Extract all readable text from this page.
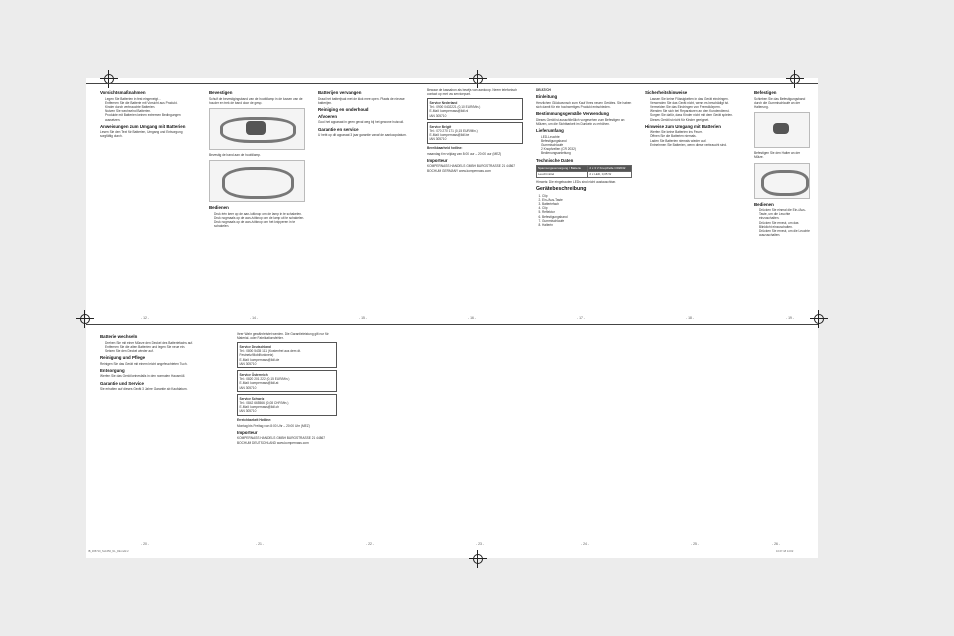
Vorsichtsmaßnahmen
• Legen Sie Batterien in fest eingeneigt...
• Entfernen Sie die Batterie mit Vorsicht aus Produkt.
• Kinder durch verbrauchte Batterien.
• Nutzen Sie wechselnd Batterien.
• Produkte mit Batterien keinen extremen Bedingungen aussetzen.
Anweisungen zum Umgang mit Batterien

Lesen Sie den Text für Batterien, Umgang und Entsorgung sorgfältig durch.

Bevestigen

Schuif de bevestigingsband van de hoofdlamp in de lussen van de houder en trek de band door de gesp.

Bevestig de band aan de hoofdlamp.

Bedienen
• Druk één keer op de aan-/uitknop om de lamp in te schakelen.
• Druk nogmaals op de aan-/uitknop om de lamp uit te schakelen.
• Druk nogmaals op de aan-/uitknop om het knipperen in te schakelen.
Batterijen vervangen

Draai het batterijvak met de klok mee open. Plaats de nieuwe batterijen.

Reiniging en onderhoud
Afvoeren

Gooi het apparaat in geen geval weg bij het gewone huisvuil.

Garantie en service

U hebt op dit apparaat 3 jaar garantie vanaf de aankoopdatum.

Bewaar de kassabon als bewijs van aankoop. Neem telefonisch contact op met uw servicepunt.

Service Nederland
Tel.: 0900 0402221 (0,10 EUR/Min.)
E-Mail: kompernass@lidl.nl
IAN 305710
Service België
Tel.: 070 270 171 (0,15 EUR/Min.)
E-Mail: kompernass@lidl.be
IAN 305710

Bereikbaarheid hotline:

maandag t/m vrijdag van 8:00 uur – 20:00 uur (MEZ)

Importeur

KOMPERNASS HANDELS GMBH BURGSTRASSE 21 44867 BOCHUM GERMANY www.kompernass.com

DE/AT/CH
Einleitung

Herzlichen Glückwunsch zum Kauf Ihres neuen Gerätes. Sie haben sich damit für ein hochwertiges Produkt entschieden.

Bestimmungsgemäße Verwendung

Dieses Gerät ist ausschließlich vorgesehen zum Befestigen an Mützen, um die Sichtbarkeit im Dunkeln zu erhöhen.

Lieferumfang
• LED-Leuchte
• Befestigungsband
• Gummischlaufe
• 2 Knopfzellen (CR 2032)
• Bedienungsanleitung
Technische Daten
Spannungsversorgung / Batterie	2 x 3 V Knopfzelle CR2032
Leuchtmittel	2 x LED, 0,05 W

Hinweis: Die eingebauten LEDs sind nicht austauschbar.

Gerätebeschreibung
1. Clip
2. Ein-/Aus-Taste
3. Batteriefach
4. Clip
5. Reflektor
6. Befestigungsband
7. Gummischlaufe
8. Halterin
Sicherheitshinweise
• Lassen Sie keine Flüssigkeiten in das Gerät eindringen.
• Verwenden Sie das Gerät nicht, wenn es beschädigt ist.
• Vermeiden Sie das Eindringen von Fremdkörpern.
• Wenden Sie sich bei Reparaturen an den Kundendienst.
• Sorgen Sie dafür, dass Kinder nicht mit dem Gerät spielen.
• Dieses Gerät ist nicht für Kinder geeignet.
Hinweise zum Umgang mit Batterien
• Werfen Sie keine Batterien ins Feuer.
• Öffnen Sie die Batterien niemals.
• Laden Sie Batterien niemals wieder auf.
• Entnehmen Sie Batterien, wenn diese verbraucht sind.
Befestigen

Schieben Sie das Befestigungsband durch die Gummischlaufe an der Halterung.

Befestigen Sie den Halter an der Mütze.

Bedienen
• Drücken Sie einmal die Ein-/Aus-Taste, um die Leuchte einzuschalten.
• Drücken Sie erneut, um das Blinklicht einzuschalten.
• Drücken Sie erneut, um die Leuchte auszuschalten.
- 12 -	- 14 -	- 15 -	- 16 -	- 17 -	- 18 -	- 19 -
Batterie wechseln
• Drehen Sie mit einer Münze den Deckel des Batteriefachs auf.
• Entfernen Sie die alten Batterien und legen Sie neue ein.
• Setzen Sie den Deckel wieder auf.
Reinigung und Pflege

Reinigen Sie das Gerät mit einem leicht angefeuchteten Tuch.

Entsorgung

Werfen Sie das Gerät keinesfalls in den normalen Hausmüll.

Garantie und Service

Sie erhalten auf dieses Gerät 3 Jahre Garantie ab Kaufdatum.

Ihrer Wahr gewährleistet werden. Die Garantieleistung gilt nur für Material- oder Fabrikationsfehler.

Service Deutschland
Tel.: 0800 5435 111 (Kostenfrei aus dem dt. Festnetz/Mobilfunknetz)
E-Mail: kompernass@lidl.de
IAN 305710
Service Österreich
Tel.: 0820 201 222 (0,15 EUR/Min.)
E-Mail: kompernass@lidl.at
IAN 305710
Service Schweiz
Tel.: 0842 665566 (0,08 CHF/Min.)
E-Mail: kompernass@lidl.ch
IAN 305710

Erreichbarkeit Hotline:

Montag bis Freitag von 8:00 Uhr – 20:00 Uhr (MEZ)

Importeur

KOMPERNASS HANDELS GMBH BURGSTRASSE 21 44867 BOCHUM DEUTSCHLAND www.kompernass.com

- 20 -	- 21 -	- 22 -	- 23 -	- 24 -	- 25 -	- 26 -
IB_305710_SL1650_NL_DE.indd 2	10.07.18 14:02
